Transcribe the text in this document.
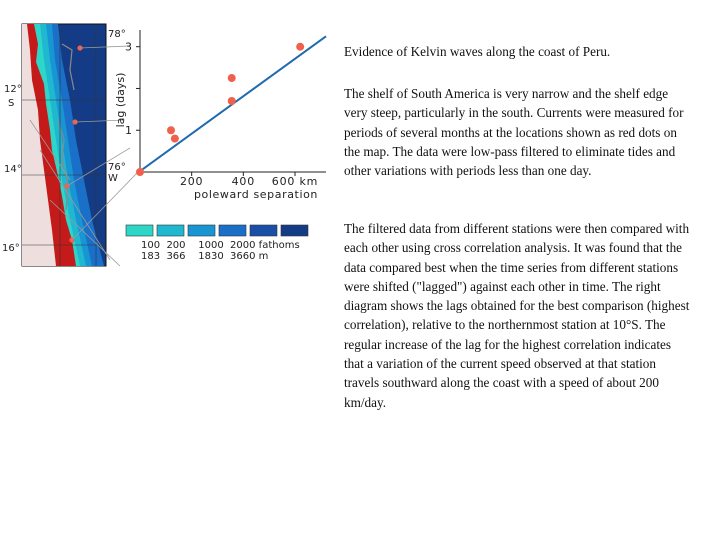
78°
12° S
14°
16°
76° W
lag (days)
poleward separation
1
3
200	400 600 km
100  200    1000  2000 fathoms
183  366    1830  3660 m
Evidence of Kelvin waves along the coast of Peru.
The shelf of South America is very narrow and the shelf edge very steep, particularly in the south. Currents were measured for periods of several months at the locations shown as red dots on the map. The data were low-pass filtered to eliminate tides and other variations with periods less than one day.
The filtered data from different stations were then compared with each other using cross correlation analysis. It was found that the data compared best when the time series from different stations were shifted ("lagged") against each other in time. The right diagram shows the lags obtained for the best comparison (highest correlation), relative to the northernmost station at 10°S. The regular increase of the lag for the highest correlation indicates that a variation of the current speed observed at that station travels southward along the coast with a speed of about 200 km/day.
